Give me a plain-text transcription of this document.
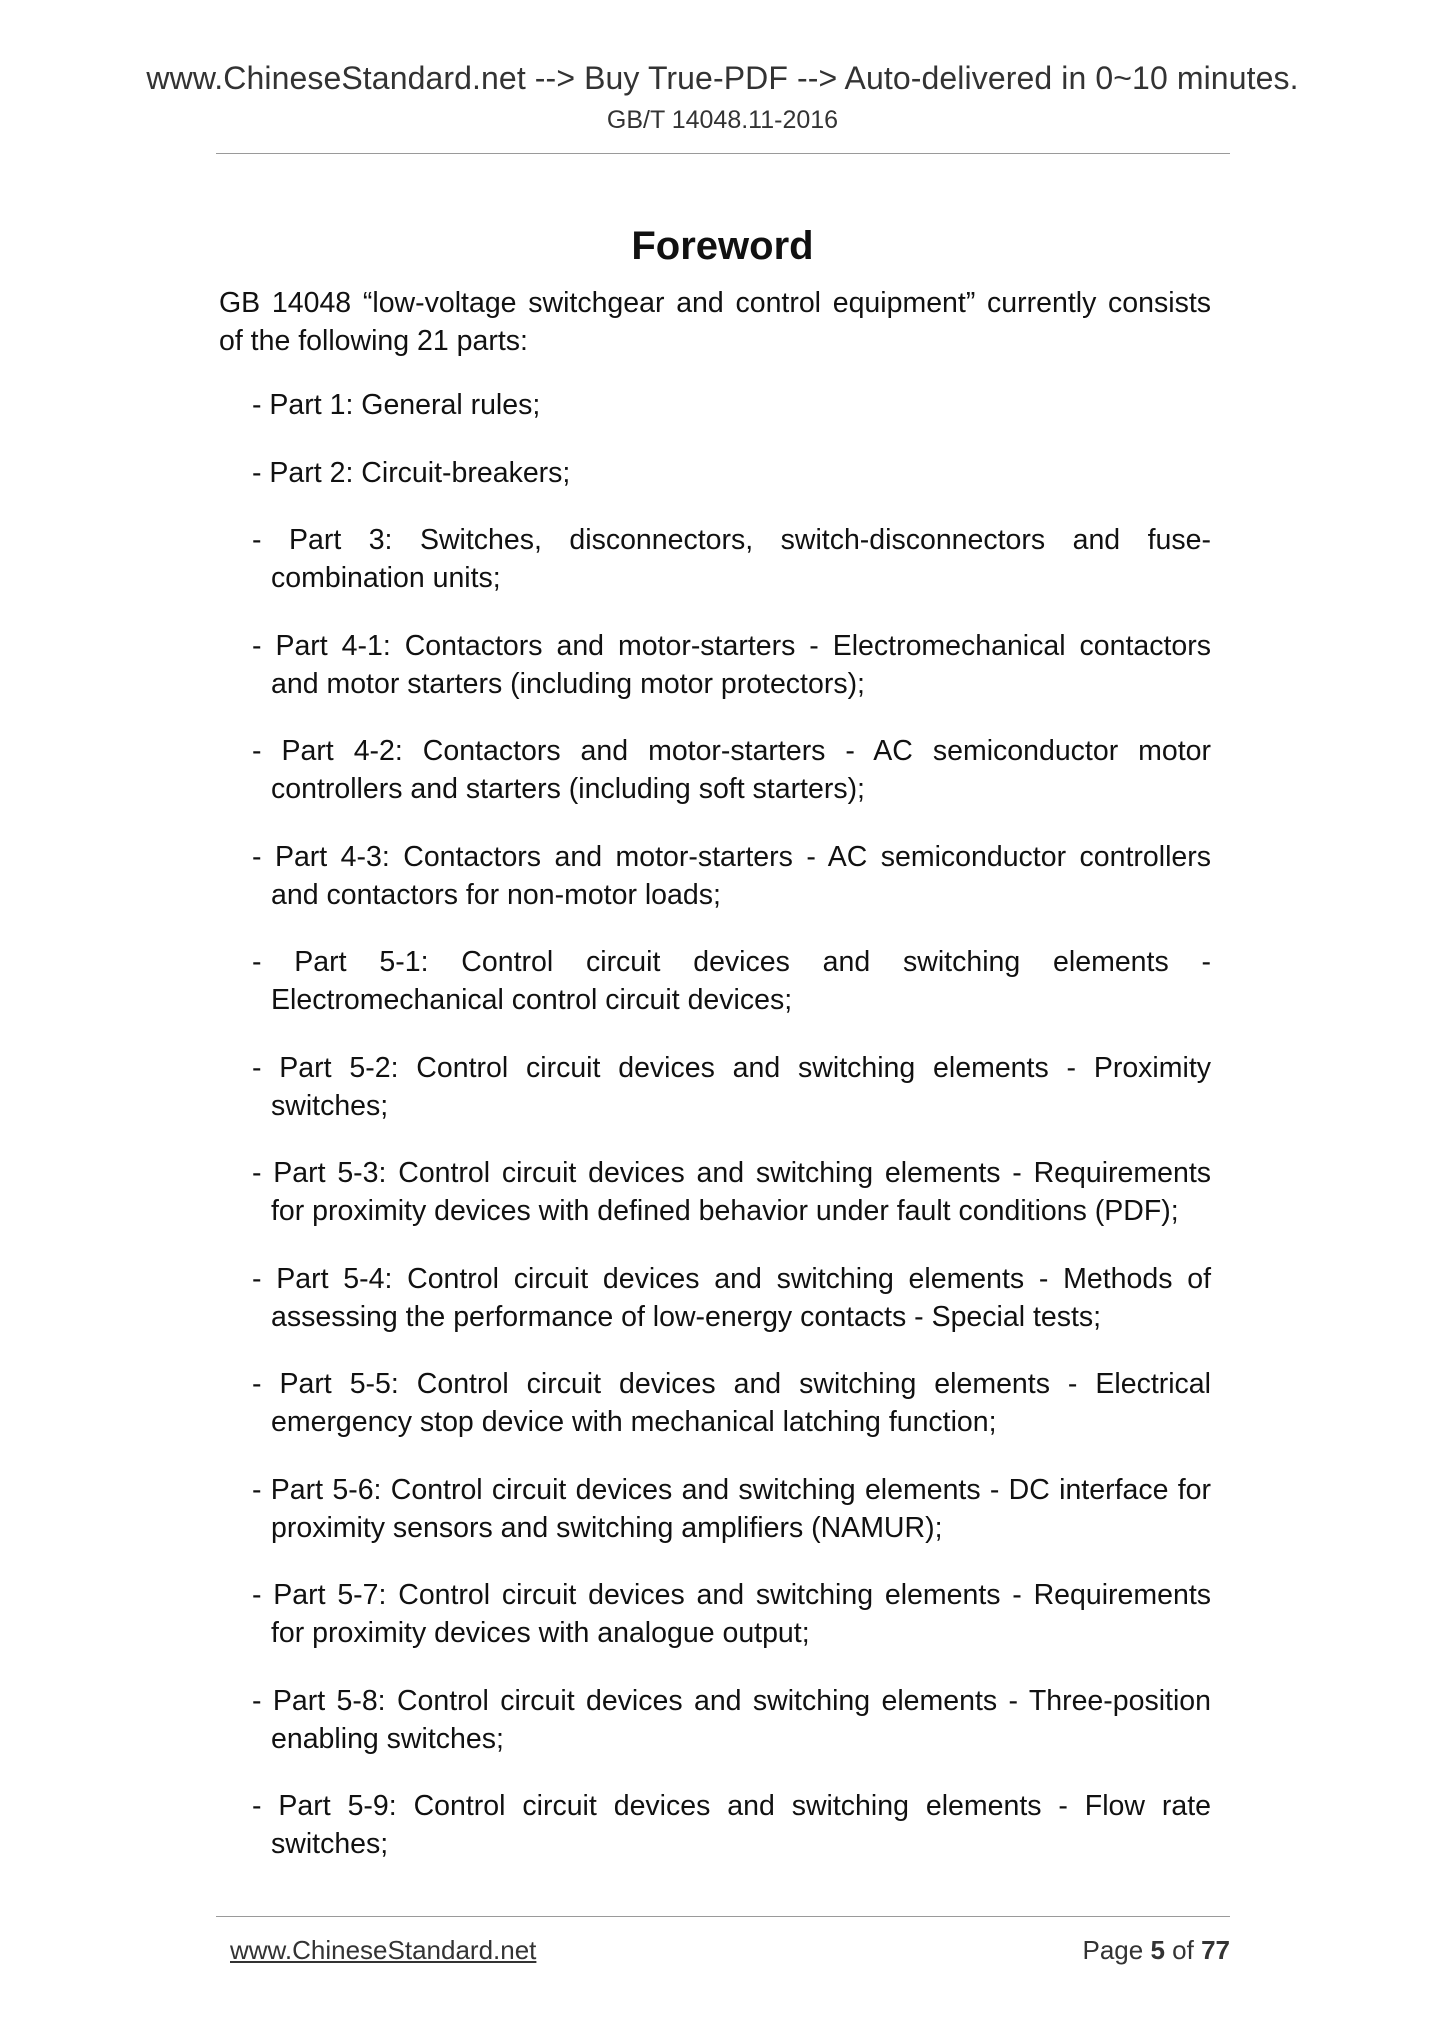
www.ChineseStandard.net --> Buy True-PDF --> Auto-delivered in 0~10 minutes.
GB/T 14048.11-2016
Foreword

GB 14048 “low-voltage switchgear and control equipment” currently consists of the following 21 parts:

- Part 1: General rules;
- Part 2: Circuit-breakers;
- Part 3: Switches, disconnectors, switch-disconnectors and fuse-combination units;
- Part 4-1: Contactors and motor-starters - Electromechanical contactors and motor starters (including motor protectors);
- Part 4-2: Contactors and motor-starters - AC semiconductor motor controllers and starters (including soft starters);
- Part 4-3: Contactors and motor-starters - AC semiconductor controllers and contactors for non-motor loads;
- Part 5-1: Control circuit devices and switching elements - Electromechanical control circuit devices;
- Part 5-2: Control circuit devices and switching elements - Proximity switches;
- Part 5-3: Control circuit devices and switching elements - Requirements for proximity devices with defined behavior under fault conditions (PDF);
- Part 5-4: Control circuit devices and switching elements - Methods of assessing the performance of low-energy contacts - Special tests;
- Part 5-5: Control circuit devices and switching elements - Electrical emergency stop device with mechanical latching function;
- Part 5-6: Control circuit devices and switching elements - DC interface for proximity sensors and switching amplifiers (NAMUR);
- Part 5-7: Control circuit devices and switching elements - Requirements for proximity devices with analogue output;
- Part 5-8: Control circuit devices and switching elements - Three-position enabling switches;
- Part 5-9: Control circuit devices and switching elements - Flow rate switches;
www.ChineseStandard.net	Page 5 of 77
